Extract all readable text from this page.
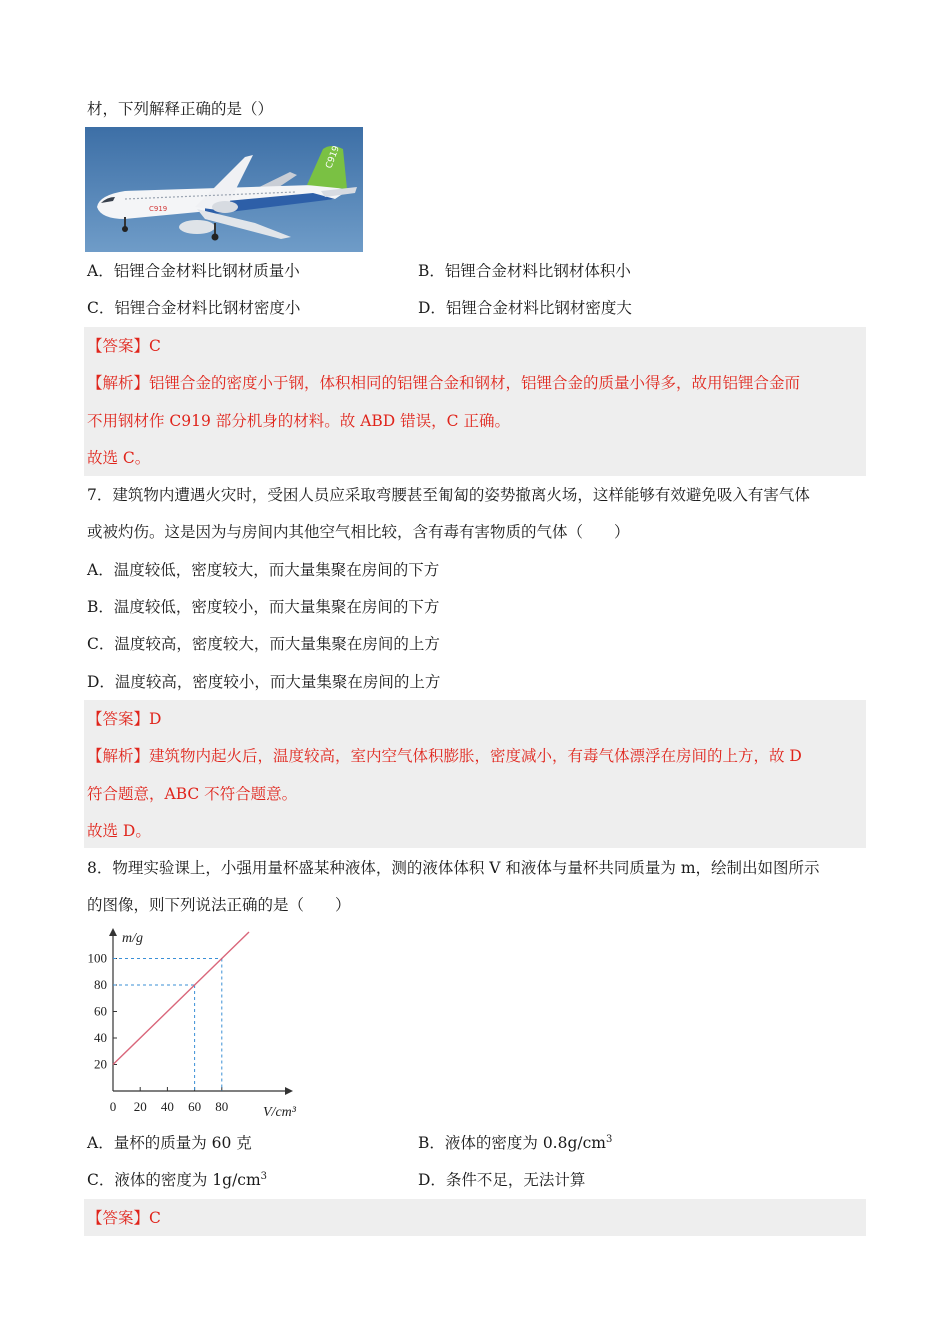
材，下列解释正确的是（）
C919
C919
A．铝锂合金材料比钢材质量小	B．铝锂合金材料比钢材体积小
C．铝锂合金材料比钢材密度小	D．铝锂合金材料比钢材密度大
【答案】C
【解析】铝锂合金的密度小于钢，体积相同的铝锂合金和钢材，铝锂合金的质量小得多，故用铝锂合金而
不用钢材作 C919 部分机身的材料。故 ABD 错误，C 正确。
故选 C。
7．建筑物内遭遇火灾时，受困人员应采取弯腰甚至匍匐的姿势撤离火场，这样能够有效避免吸入有害气体
或被灼伤。这是因为与房间内其他空气相比较，含有毒有害物质的气体（　　）
A．温度较低，密度较大，而大量集聚在房间的下方
B．温度较低，密度较小，而大量集聚在房间的下方
C．温度较高，密度较大，而大量集聚在房间的上方
D．温度较高，密度较小，而大量集聚在房间的上方
【答案】D
【解析】建筑物内起火后，温度较高，室内空气体积膨胀，密度减小，有毒气体漂浮在房间的上方，故 D
符合题意，ABC 不符合题意。
故选 D。
8．物理实验课上，小强用量杯盛某种液体，测的液体体积 V 和液体与量杯共同质量为 m，绘制出如图所示
的图像，则下列说法正确的是（　　）
m/g
V/cm³
0 20 40 60 80
20
40
60
80
100
A．量杯的质量为 60 克	B．液体的密度为 $0.8g/cm^3$
C．液体的密度为 $1g/cm^3$	D．条件不足，无法计算
【答案】C
